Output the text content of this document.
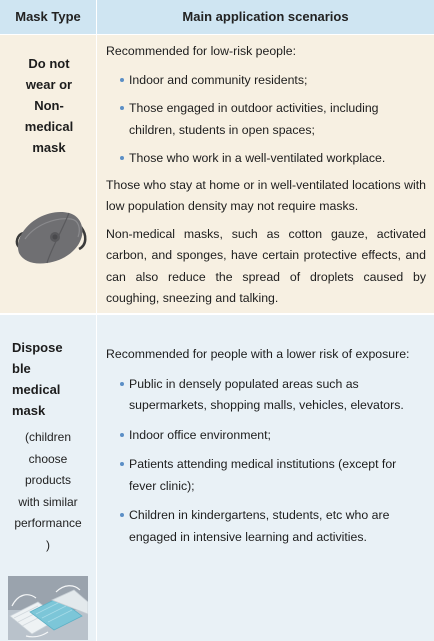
Mask Type	Main application scenarios
Do not
wear or
Non-
medical
mask

Recommended for low-risk people:

Indoor and community residents;
Those engaged in outdoor activities, including children, students in open spaces;
Those who work in a well-ventilated workplace.

Those who stay at home or in well-ventilated locations with low population density may not require masks.

Non-medical masks, such as cotton gauze, activated carbon, and sponges, have certain protective effects, and can also reduce the spread of droplets caused by coughing, sneezing and talking.

Dispose
ble
medical
mask
(children
choose
products
with similar
performance
)

Recommended for people with a lower risk of exposure:

Public in densely populated areas such as supermarkets, shopping malls, vehicles, elevators.
Indoor office environment;
Patients attending medical institutions (except for fever clinic);
Children in kindergartens, students, etc who are engaged in intensive learning and activities.
